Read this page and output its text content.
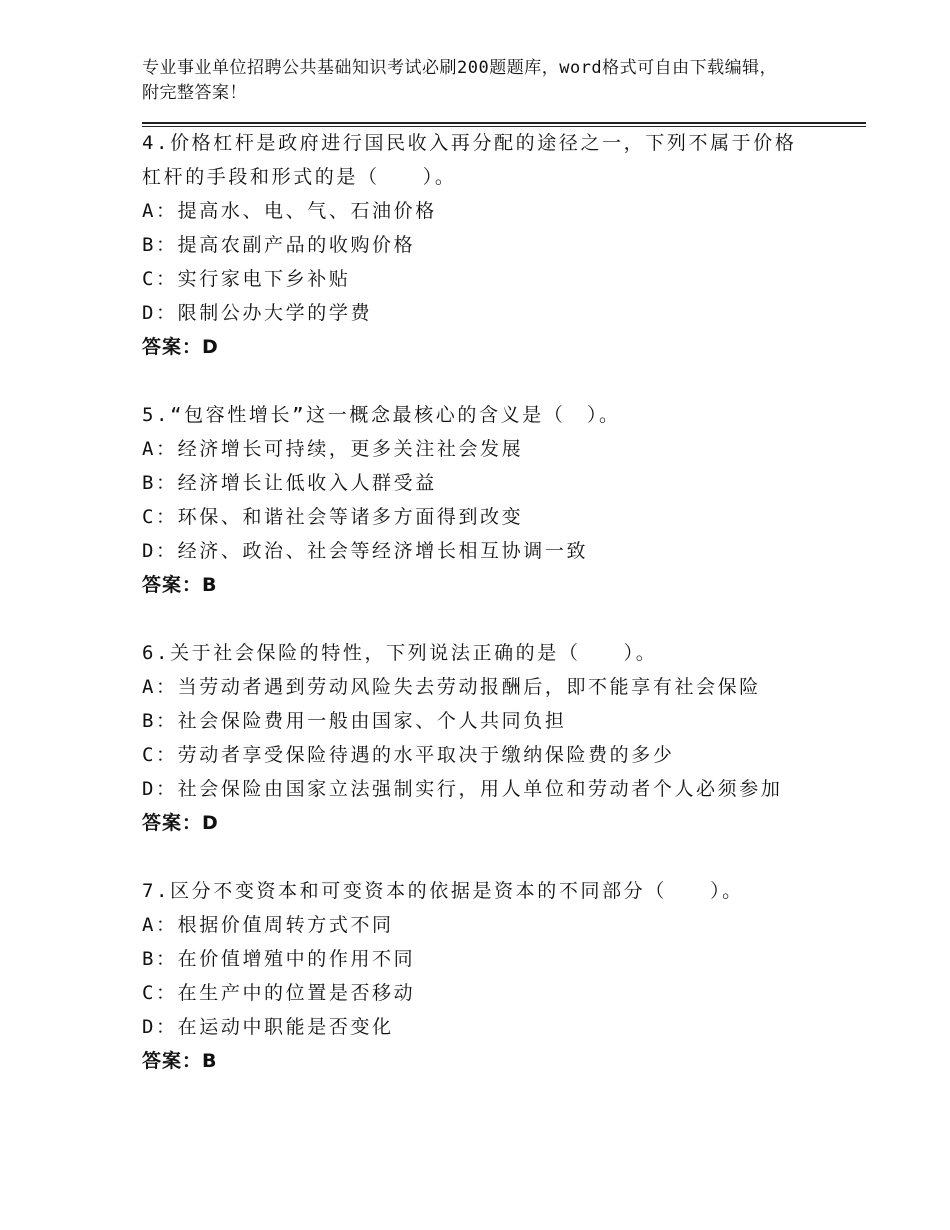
专业事业单位招聘公共基础知识考试必刷200题题库，word格式可自由下载编辑，附完整答案！
4.价格杠杆是政府进行国民收入再分配的途径之一，下列不属于价格杠杆的手段和形式的是（　　）。
A：提高水、电、气、石油价格
B：提高农副产品的收购价格
C：实行家电下乡补贴
D：限制公办大学的学费
答案：D
5.“包容性增长”这一概念最核心的含义是（　）。
A：经济增长可持续，更多关注社会发展
B：经济增长让低收入人群受益
C：环保、和谐社会等诸多方面得到改变
D：经济、政治、社会等经济增长相互协调一致
答案：B
6.关于社会保险的特性，下列说法正确的是（　　）。
A：当劳动者遇到劳动风险失去劳动报酬后，即不能享有社会保险
B：社会保险费用一般由国家、个人共同负担
C：劳动者享受保险待遇的水平取决于缴纳保险费的多少
D：社会保险由国家立法强制实行，用人单位和劳动者个人必须参加
答案：D
7.区分不变资本和可变资本的依据是资本的不同部分（　　）。
A：根据价值周转方式不同
B：在价值增殖中的作用不同
C：在生产中的位置是否移动
D：在运动中职能是否变化
答案：B
